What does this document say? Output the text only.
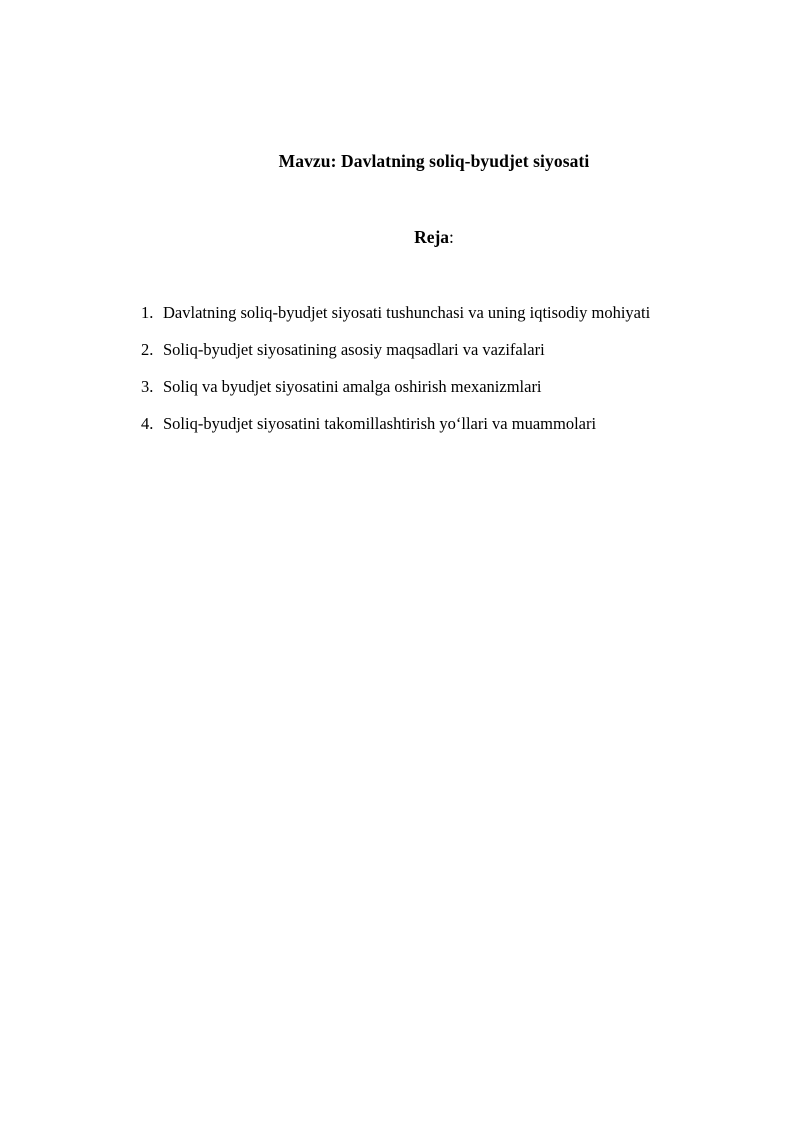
Mavzu: Davlatning soliq-byudjet siyosati
Reja:
1. Davlatning soliq-byudjet siyosati tushunchasi va uning iqtisodiy mohiyati
2. Soliq-byudjet siyosatining asosiy maqsadlari va vazifalari
3. Soliq va byudjet siyosatini amalga oshirish mexanizmlari
4. Soliq-byudjet siyosatini takomillashtirish yoʻllari va muammolari
